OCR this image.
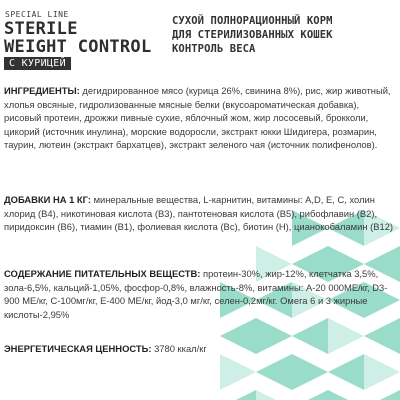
SPECIAL LINE
STERILE
WEIGHT CONTROL
С КУРИЦЕЙ
СУХОЙ ПОЛНОРАЦИОННЫЙ КОРМ
ДЛЯ СТЕРИЛИЗОВАННЫХ КОШЕК
КОНТРОЛЬ ВЕСА
ИНГРЕДИЕНТЫ: дегидрированное мясо (курица 26%, свинина 8%), рис, жир животный, хлопья овсяные, гидролизованные мясные белки (вкусоароматическая добавка), рисовый протеин, дрожжи пивные сухие, яблочный жом, жир лососевый, брокколи, цикорий (источник инулина), морские водоросли, экстракт юкки Шидигера, розмарин, таурин, лютеин (экстракт бархатцев), экстракт зеленого чая (источник полифенолов).
ДОБАВКИ НА 1 КГ: минеральные вещества, L-карнитин, витамины: A,D, E, C, холин хлорид (B4), никотиновая кислота (B3), пантотеновая кислота (B5), рибофлавин (B2), пиридоксин (B6), тиамин (B1), фолиевая кислота (Bc), биотин (H), цианокобаламин (B12)
СОДЕРЖАНИЕ ПИТАТЕЛЬНЫХ ВЕЩЕСТВ: протеин-30%, жир-12%, клетчатка 3,5%, зола-6,5%, кальций-1,05%, фосфор-0,8%, влажность-8%, витамины: А-20 000МЕ/кг, D3-900 МЕ/кг, С-100мг/кг, Е-400 МЕ/кг, йод-3,0 мг/кг, селен-0,2мг/кг. Омега 6 и 3 жирные кислоты-2,95%
ЭНЕРГЕТИЧЕСКАЯ ЦЕННОСТЬ: 3780 ккал/кг
